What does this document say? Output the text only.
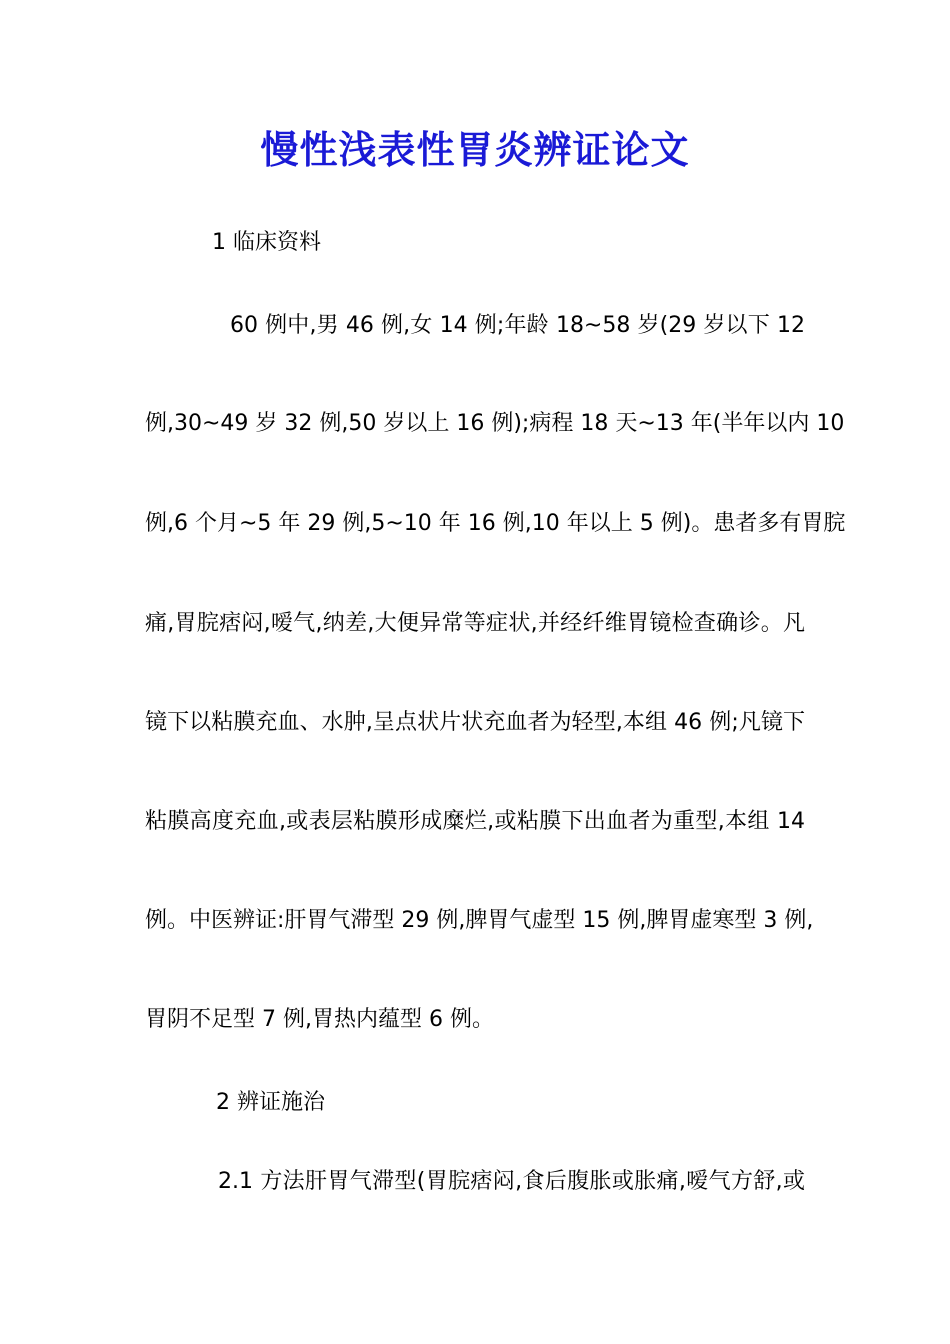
慢性浅表性胃炎辨证论文
1 临床资料
60 例中,男 46 例,女 14 例;年龄 18~58 岁(29 岁以下 12
例,30~49 岁 32 例,50 岁以上 16 例);病程 18 天~13 年(半年以内 10
例,6 个月~5 年 29 例,5~10 年 16 例,10 年以上 5 例)。患者多有胃脘
痛,胃脘痞闷,嗳气,纳差,大便异常等症状,并经纤维胃镜检查确诊。凡
镜下以粘膜充血、水肿,呈点状片状充血者为轻型,本组 46 例;凡镜下
粘膜高度充血,或表层粘膜形成糜烂,或粘膜下出血者为重型,本组 14
例。中医辨证:肝胃气滞型 29 例,脾胃气虚型 15 例,脾胃虚寒型 3 例,
胃阴不足型 7 例,胃热内蕴型 6 例。
2 辨证施治
2.1 方法肝胃气滞型(胃脘痞闷,食后腹胀或胀痛,嗳气方舒,或
